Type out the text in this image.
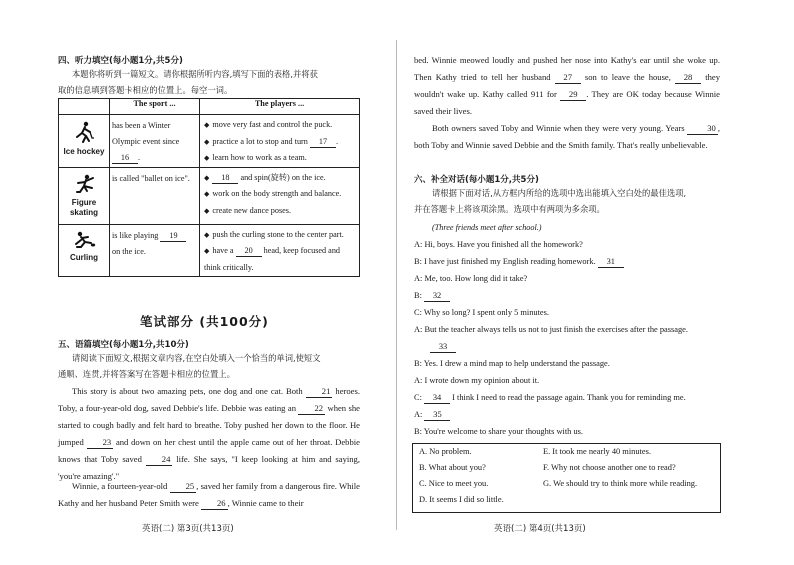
四、听力填空(每小题1分,共5分)
本题你将听到一篇短文。请你根据所听内容,填写下面的表格,并将获
取的信息填到答题卡相应的位置上。每空一词。
	The sport ...	The players ...

Ice hockey	has been a Winter Olympic event since 16 .	◆ move very fast and control the puck.
◆ practice a lot to stop and turn 17 .
◆ learn how to work as a team.

Figure skating	is called "ballet on ice".	◆ 18 and spin(旋转) on the ice.
◆ work on the body strength and balance.
◆ create new dance poses.

Curling	is like playing 19 on the ice.	◆ push the curling stone to the center part.
◆ have a 20 head, keep focused and think critically.
笔试部分 (共100分)
五、语篇填空(每小题1分,共10分)
请阅读下面短文,根据文章内容,在空白处填入一个恰当的单词,使短文
通顺、连贯,并将答案写在答题卡相应的位置上。
This story is about two amazing pets, one dog and one cat. Both 21 heroes. Toby, a four-year-old dog, saved Debbie's life. Debbie was eating an 22 when she started to cough badly and felt hard to breathe. Toby pushed her down to the floor. He jumped 23 and down on her chest until the apple came out of her throat. Debbie knows that Toby saved 24 life. She says, "I keep looking at him and saying, 'you're amazing'."
Winnie, a fourteen-year-old 25 , saved her family from a dangerous fire. While Kathy and her husband Peter Smith were 26 , Winnie came to their
英语(二) 第3页(共13页)
bed. Winnie meowed loudly and pushed her nose into Kathy's ear until she woke up. Then Kathy tried to tell her husband 27 son to leave the house, 28 they wouldn't wake up. Kathy called 911 for 29 . They are OK today because Winnie saved their lives.
Both owners saved Toby and Winnie when they were very young. Years 30 , both Toby and Winnie saved Debbie and the Smith family. That's really unbelievable.
六、补全对话(每小题1分,共5分)
请根据下面对话,从方框内所给的选项中选出能填入空白处的最佳选项,
并在答题卡上将该项涂黑。选项中有两项为多余项。
(Three friends meet after school.)
A: Hi, boys. Have you finished all the homework?
B: I have just finished my English reading homework. 31
A: Me, too. How long did it take?
B: 32
C: Why so long? I spent only 5 minutes.
A: But the teacher always tells us not to just finish the exercises after the passage.
33
B: Yes. I drew a mind map to help understand the passage.
A: I wrote down my opinion about it.
C: 34 I think I need to read the passage again. Thank you for reminding me.
A: 35
B: You're welcome to share your thoughts with us.
A. No problem.	E. It took me nearly 40 minutes.
B. What about you?	F. Why not choose another one to read?
C. Nice to meet you.	G. We should try to think more while reading.
D. It seems I did so little.
英语(二) 第4页(共13页)
